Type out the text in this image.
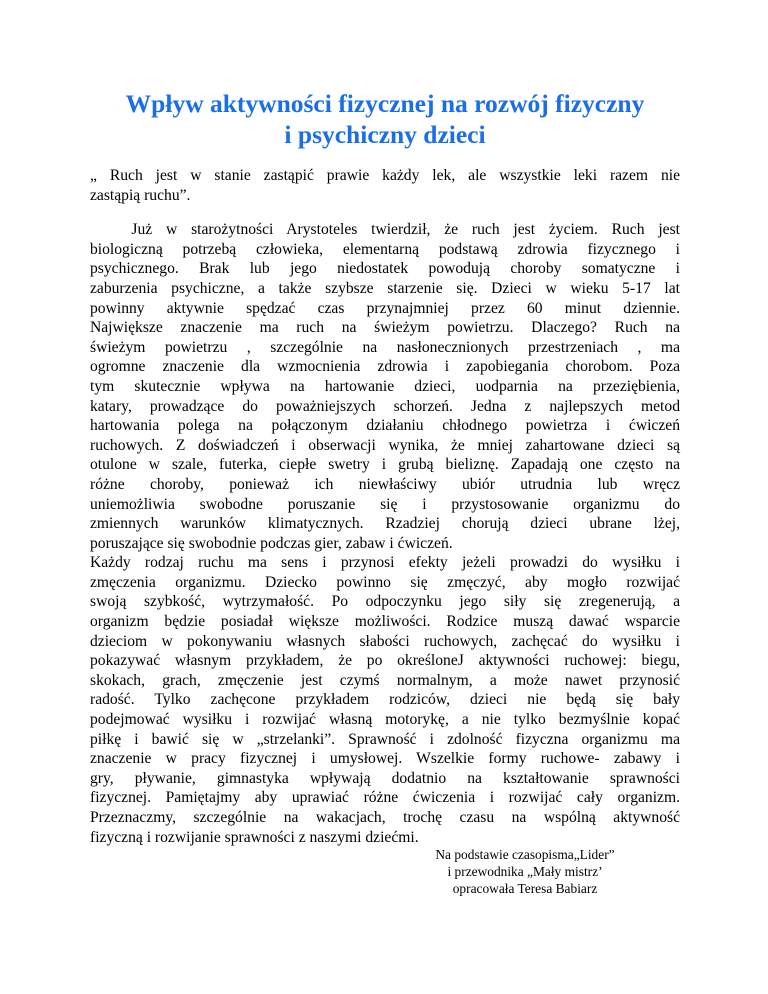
Wpływ aktywności fizycznej na rozwój fizyczny
i psychiczny dzieci
„ Ruch jest w stanie zastąpić prawie każdy lek, ale wszystkie leki razem nie
zastąpią ruchu”.
Już w starożytności Arystoteles twierdził, że ruch jest życiem. Ruch jest
biologiczną potrzebą człowieka, elementarną podstawą zdrowia fizycznego i
psychicznego. Brak lub jego niedostatek powodują choroby somatyczne i
zaburzenia psychiczne, a także szybsze starzenie się. Dzieci w wieku 5-17 lat
powinny aktywnie spędzać czas przynajmniej przez 60 minut dziennie.
Największe znaczenie ma ruch na świeżym powietrzu. Dlaczego? Ruch na
świeżym powietrzu , szczególnie na nasłonecznionych przestrzeniach , ma
ogromne znaczenie dla wzmocnienia zdrowia i zapobiegania chorobom. Poza
tym skutecznie wpływa na hartowanie dzieci, uodparnia na przeziębienia,
katary, prowadzące do poważniejszych schorzeń. Jedna z najlepszych metod
hartowania polega na połączonym działaniu chłodnego powietrza i ćwiczeń
ruchowych. Z doświadczeń i obserwacji wynika, że mniej zahartowane dzieci są
otulone w szale, futerka, ciepłe swetry i grubą bieliznę. Zapadają one często na
różne choroby, ponieważ ich niewłaściwy ubiór utrudnia lub wręcz
uniemożliwia swobodne poruszanie się i przystosowanie organizmu do
zmiennych warunków klimatycznych. Rzadziej chorują dzieci ubrane lżej,
poruszające się swobodnie podczas gier, zabaw i ćwiczeń.
Każdy rodzaj ruchu ma sens i przynosi efekty jeżeli prowadzi do wysiłku i
zmęczenia organizmu. Dziecko powinno się zmęczyć, aby mogło rozwijać
swoją szybkość, wytrzymałość. Po odpoczynku jego siły się zregenerują, a
organizm będzie posiadał większe możliwości. Rodzice muszą dawać wsparcie
dzieciom w pokonywaniu własnych słabości ruchowych, zachęcać do wysiłku i
pokazywać własnym przykładem, że po określoneJ aktywności ruchowej: biegu,
skokach, grach, zmęczenie jest czymś normalnym, a może nawet przynosić
radość. Tylko zachęcone przykładem rodziców, dzieci nie będą się bały
podejmować wysiłku i rozwijać własną motorykę, a nie tylko bezmyślnie kopać
piłkę i bawić się w „strzelanki”. Sprawność i zdolność fizyczna organizmu ma
znaczenie w pracy fizycznej i umysłowej. Wszelkie formy ruchowe- zabawy i
gry, pływanie, gimnastyka wpływają dodatnio na kształtowanie sprawności
fizycznej. Pamiętajmy aby uprawiać różne ćwiczenia i rozwijać cały organizm.
Przeznaczmy, szczególnie na wakacjach, trochę czasu na wspólną aktywność
fizyczną i rozwijanie sprawności z naszymi dziećmi.
Na podstawie czasopisma„Lider”
i przewodnika „Mały mistrz’
opracowała Teresa Babiarz
